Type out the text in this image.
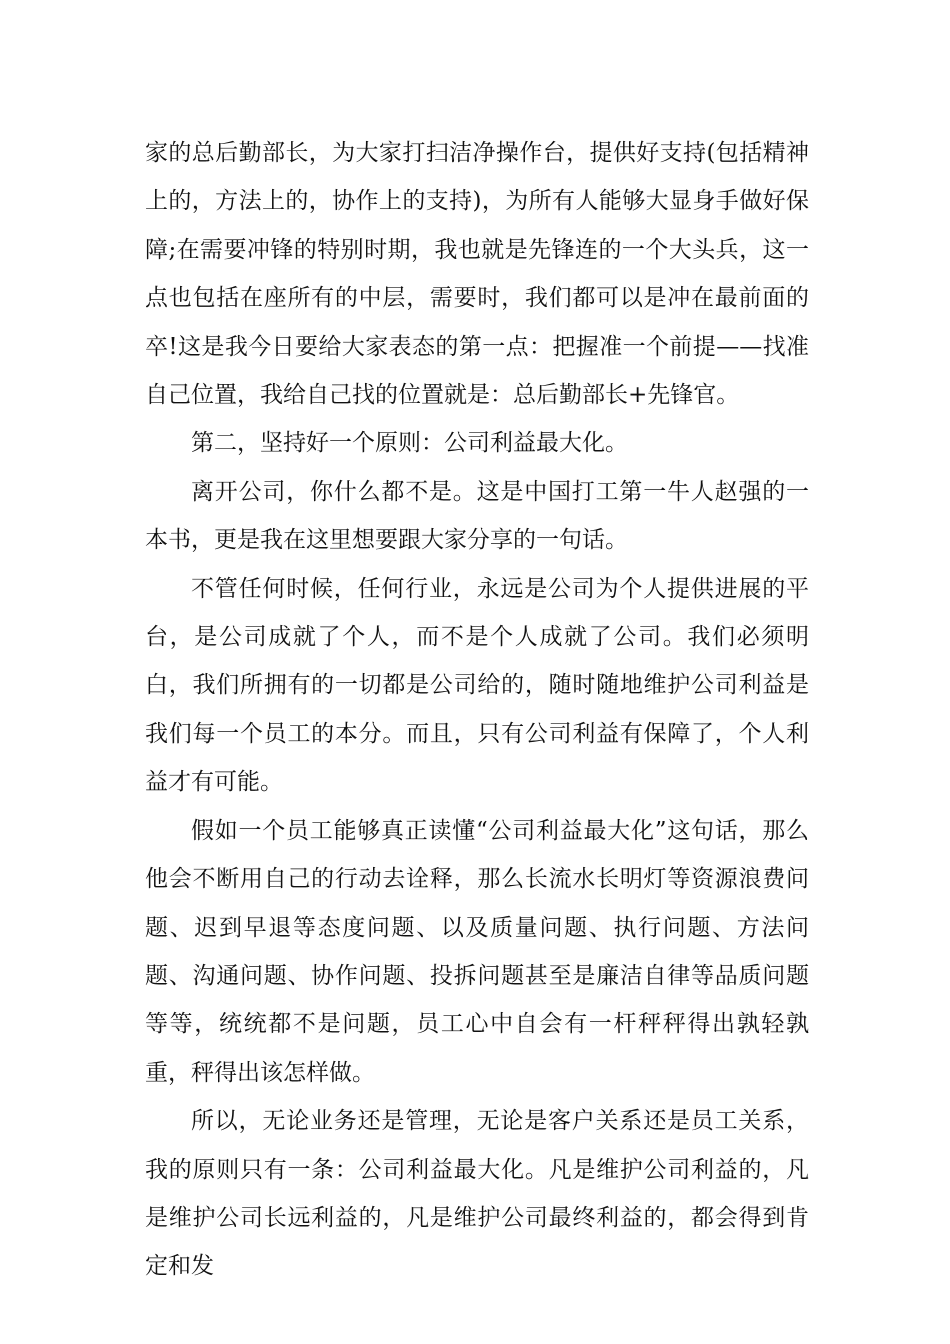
家的总后勤部长，为大家打扫洁净操作台，提供好支持(包括精神上的，方法上的，协作上的支持)，为所有人能够大显身手做好保障;在需要冲锋的特别时期，我也就是先锋连的一个大头兵，这一点也包括在座所有的中层，需要时，我们都可以是冲在最前面的卒!这是我今日要给大家表态的第一点：把握准一个前提——找准自己位置，我给自己找的位置就是：总后勤部长+先锋官。

第二，坚持好一个原则：公司利益最大化。

离开公司，你什么都不是。这是中国打工第一牛人赵强的一本书，更是我在这里想要跟大家分享的一句话。

不管任何时候，任何行业，永远是公司为个人提供进展的平台，是公司成就了个人，而不是个人成就了公司。我们必须明白，我们所拥有的一切都是公司给的，随时随地维护公司利益是我们每一个员工的本分。而且，只有公司利益有保障了，个人利益才有可能。

假如一个员工能够真正读懂“公司利益最大化”这句话，那么他会不断用自己的行动去诠释，那么长流水长明灯等资源浪费问题、迟到早退等态度问题、以及质量问题、执行问题、方法问题、沟通问题、协作问题、投拆问题甚至是廉洁自律等品质问题等等，统统都不是问题，员工心中自会有一杆秤秤得出孰轻孰重，秤得出该怎样做。

所以，无论业务还是管理，无论是客户关系还是员工关系，我的原则只有一条：公司利益最大化。凡是维护公司利益的，凡是维护公司长远利益的，凡是维护公司最终利益的，都会得到肯定和发
